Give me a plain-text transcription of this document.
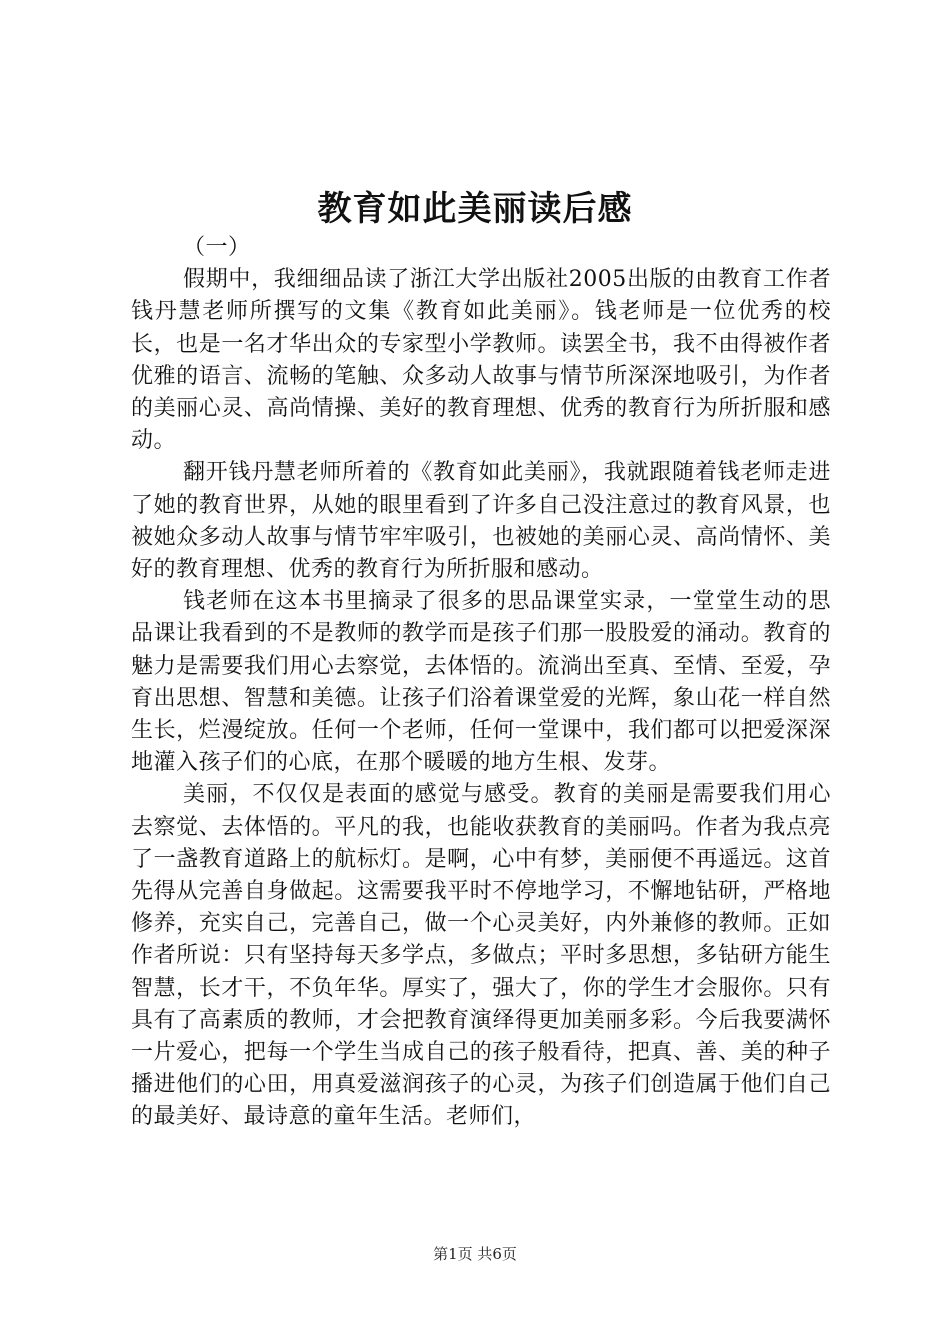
教育如此美丽读后感

（一）

假期中，我细细品读了浙江大学出版社2005出版的由教育工作者钱丹慧老师所撰写的文集《教育如此美丽》。钱老师是一位优秀的校长，也是一名才华出众的专家型小学教师。读罢全书，我不由得被作者优雅的语言、流畅的笔触、众多动人故事与情节所深深地吸引，为作者的美丽心灵、高尚情操、美好的教育理想、优秀的教育行为所折服和感动。

翻开钱丹慧老师所着的《教育如此美丽》，我就跟随着钱老师走进了她的教育世界，从她的眼里看到了许多自己没注意过的教育风景，也被她众多动人故事与情节牢牢吸引，也被她的美丽心灵、高尚情怀、美好的教育理想、优秀的教育行为所折服和感动。

钱老师在这本书里摘录了很多的思品课堂实录，一堂堂生动的思品课让我看到的不是教师的教学而是孩子们那一股股爱的涌动。教育的魅力是需要我们用心去察觉，去体悟的。流淌出至真、至情、至爱，孕育出思想、智慧和美德。让孩子们浴着课堂爱的光辉，象山花一样自然生长，烂漫绽放。任何一个老师，任何一堂课中，我们都可以把爱深深地灌入孩子们的心底，在那个暖暖的地方生根、发芽。

美丽，不仅仅是表面的感觉与感受。教育的美丽是需要我们用心去察觉、去体悟的。平凡的我，也能收获教育的美丽吗。作者为我点亮了一盏教育道路上的航标灯。是啊，心中有梦，美丽便不再遥远。这首先得从完善自身做起。这需要我平时不停地学习，不懈地钻研，严格地修养，充实自己，完善自己，做一个心灵美好，内外兼修的教师。正如作者所说：只有坚持每天多学点，多做点；平时多思想，多钻研方能生智慧，长才干，不负年华。厚实了，强大了，你的学生才会服你。只有具有了高素质的教师，才会把教育演绎得更加美丽多彩。今后我要满怀一片爱心，把每一个学生当成自己的孩子般看待，把真、善、美的种子播进他们的心田，用真爱滋润孩子的心灵，为孩子们创造属于他们自己的最美好、最诗意的童年生活。老师们，

第1页 共6页
